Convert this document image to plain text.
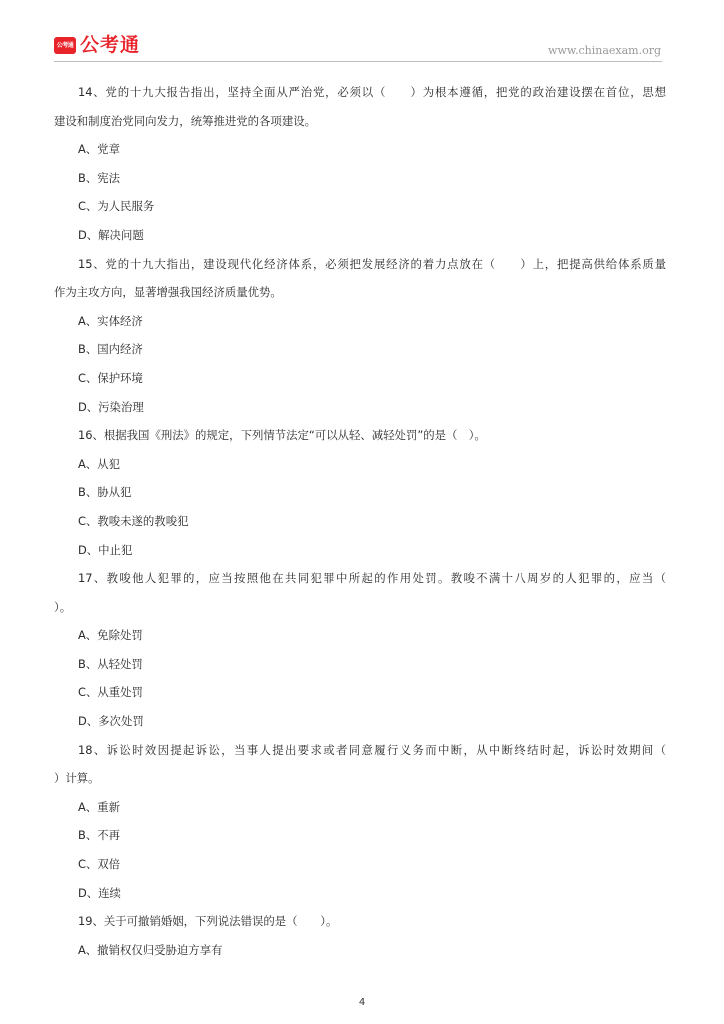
公考通 公考通	www.chinaexam.org
14、党的十九大报告指出，坚持全面从严治党，必须以（　　）为根本遵循，把党的政治建设摆在首位，思想
建设和制度治党同向发力，统筹推进党的各项建设。
A、党章
B、宪法
C、为人民服务
D、解决问题
15、党的十九大指出，建设现代化经济体系，必须把发展经济的着力点放在（　　）上，把提高供给体系质量
作为主攻方向，显著增强我国经济质量优势。
A、实体经济
B、国内经济
C、保护环境
D、污染治理
16、根据我国《刑法》的规定，下列情节法定“可以从轻、减轻处罚”的是（　）。
A、从犯
B、胁从犯
C、教唆未遂的教唆犯
D、中止犯
17、教唆他人犯罪的，应当按照他在共同犯罪中所起的作用处罚。教唆不满十八周岁的人犯罪的，应当（
）。
A、免除处罚
B、从轻处罚
C、从重处罚
D、多次处罚
18、诉讼时效因提起诉讼，当事人提出要求或者同意履行义务而中断，从中断终结时起，诉讼时效期间（
）计算。
A、重新
B、不再
C、双倍
D、连续
19、关于可撤销婚姻，下列说法错误的是（　　）。
A、撤销权仅归受胁迫方享有
4
